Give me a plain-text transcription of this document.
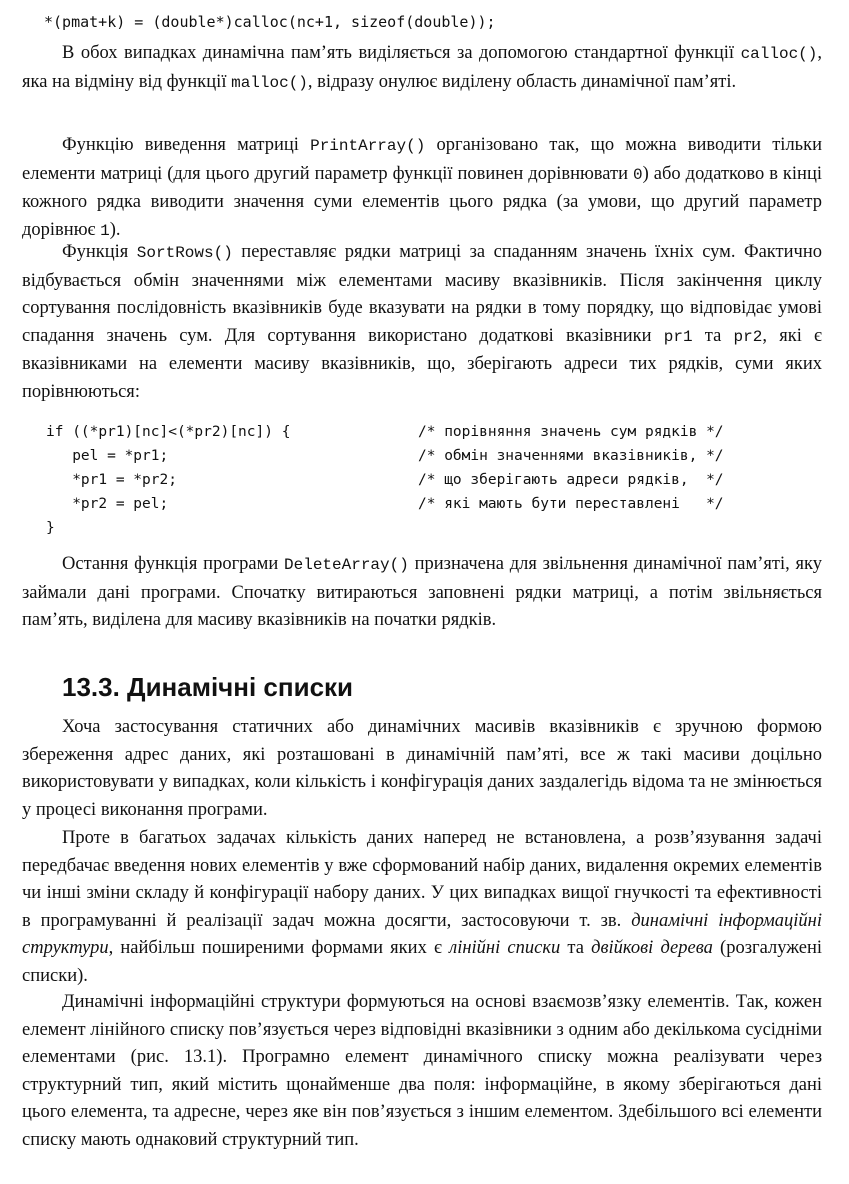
*(pmat+k) = (double*)calloc(nc+1, sizeof(double));

В обох випадках динамічна пам’ять виділяється за допомогою стандартної функції calloc(), яка на відміну від функції malloc(), відразу онулює виділену область динамічної пам’яті.

Функцію виведення матриці PrintArray() організовано так, що можна виводити тільки елементи матриці (для цього другий параметр функції повинен дорівнювати 0) або додатково в кінці кожного рядка виводити значення суми елементів цього рядка (за умови, що другий параметр дорівнює 1).

Функція SortRows() переставляє рядки матриці за спаданням значень їхніх сум. Фактично відбувається обмін значеннями між елементами масиву вказівників. Після закінчення циклу сортування послідовність вказівників буде вказувати на рядки в тому порядку, що відповідає умові спадання значень сум. Для сортування використано додаткові вказівники pr1 та pr2, які є вказівниками на елементи масиву вказівників, що, зберігають адреси тих рядків, суми яких порівнюються:

if ((*pr1)[nc]<(*pr2)[nc]) {

	/* порівняння значень сум рядків */

pel = *pr1;

	/* обмін значеннями вказівників, */

*pr1 = *pr2;

	/* що зберігають адреси рядків,  */

*pr2 = pel;

	/* які мають бути переставлені   */

}

Остання функція програми DeleteArray() призначена для звільнення динамічної пам’яті, яку займали дані програми. Спочатку витираються заповнені рядки матриці, а потім звільняється пам’ять, виділена для масиву вказівників на початки рядків.

13.3. Динамічні списки

Хоча застосування статичних або динамічних масивів вказівників є зручною формою збереження адрес даних, які розташовані в динамічній пам’яті, все ж такі масиви доцільно використовувати у випадках, коли кількість і конфігурація даних заздалегідь відома та не змінюється у процесі виконання програми.

Проте в багатьох задачах кількість даних наперед не встановлена, а розв’язування задачі передбачає введення нових елементів у вже сформований набір даних, видалення окремих елементів чи інші зміни складу й конфігурації набору даних. У цих випадках вищої гнучкості та ефективності в програмуванні й реалізації задач можна досягти, застосовуючи т. зв. динамічні інформаційні структури, найбільш поширеними формами яких є лінійні списки та двійкові дерева (розгалужені списки).

Динамічні інформаційні структури формуються на основі взаємозв’язку елементів. Так, кожен елемент лінійного списку пов’язується через відповідні вказівники з одним або декількома сусідніми елементами (рис. 13.1). Програмно елемент динамічного списку можна реалізувати через структурний тип, який містить щонайменше два поля: інформаційне, в якому зберігаються дані цього елемента, та адресне, через яке він пов’язується з іншим елементом. Здебільшого всі елементи списку мають однаковий структурний тип.
